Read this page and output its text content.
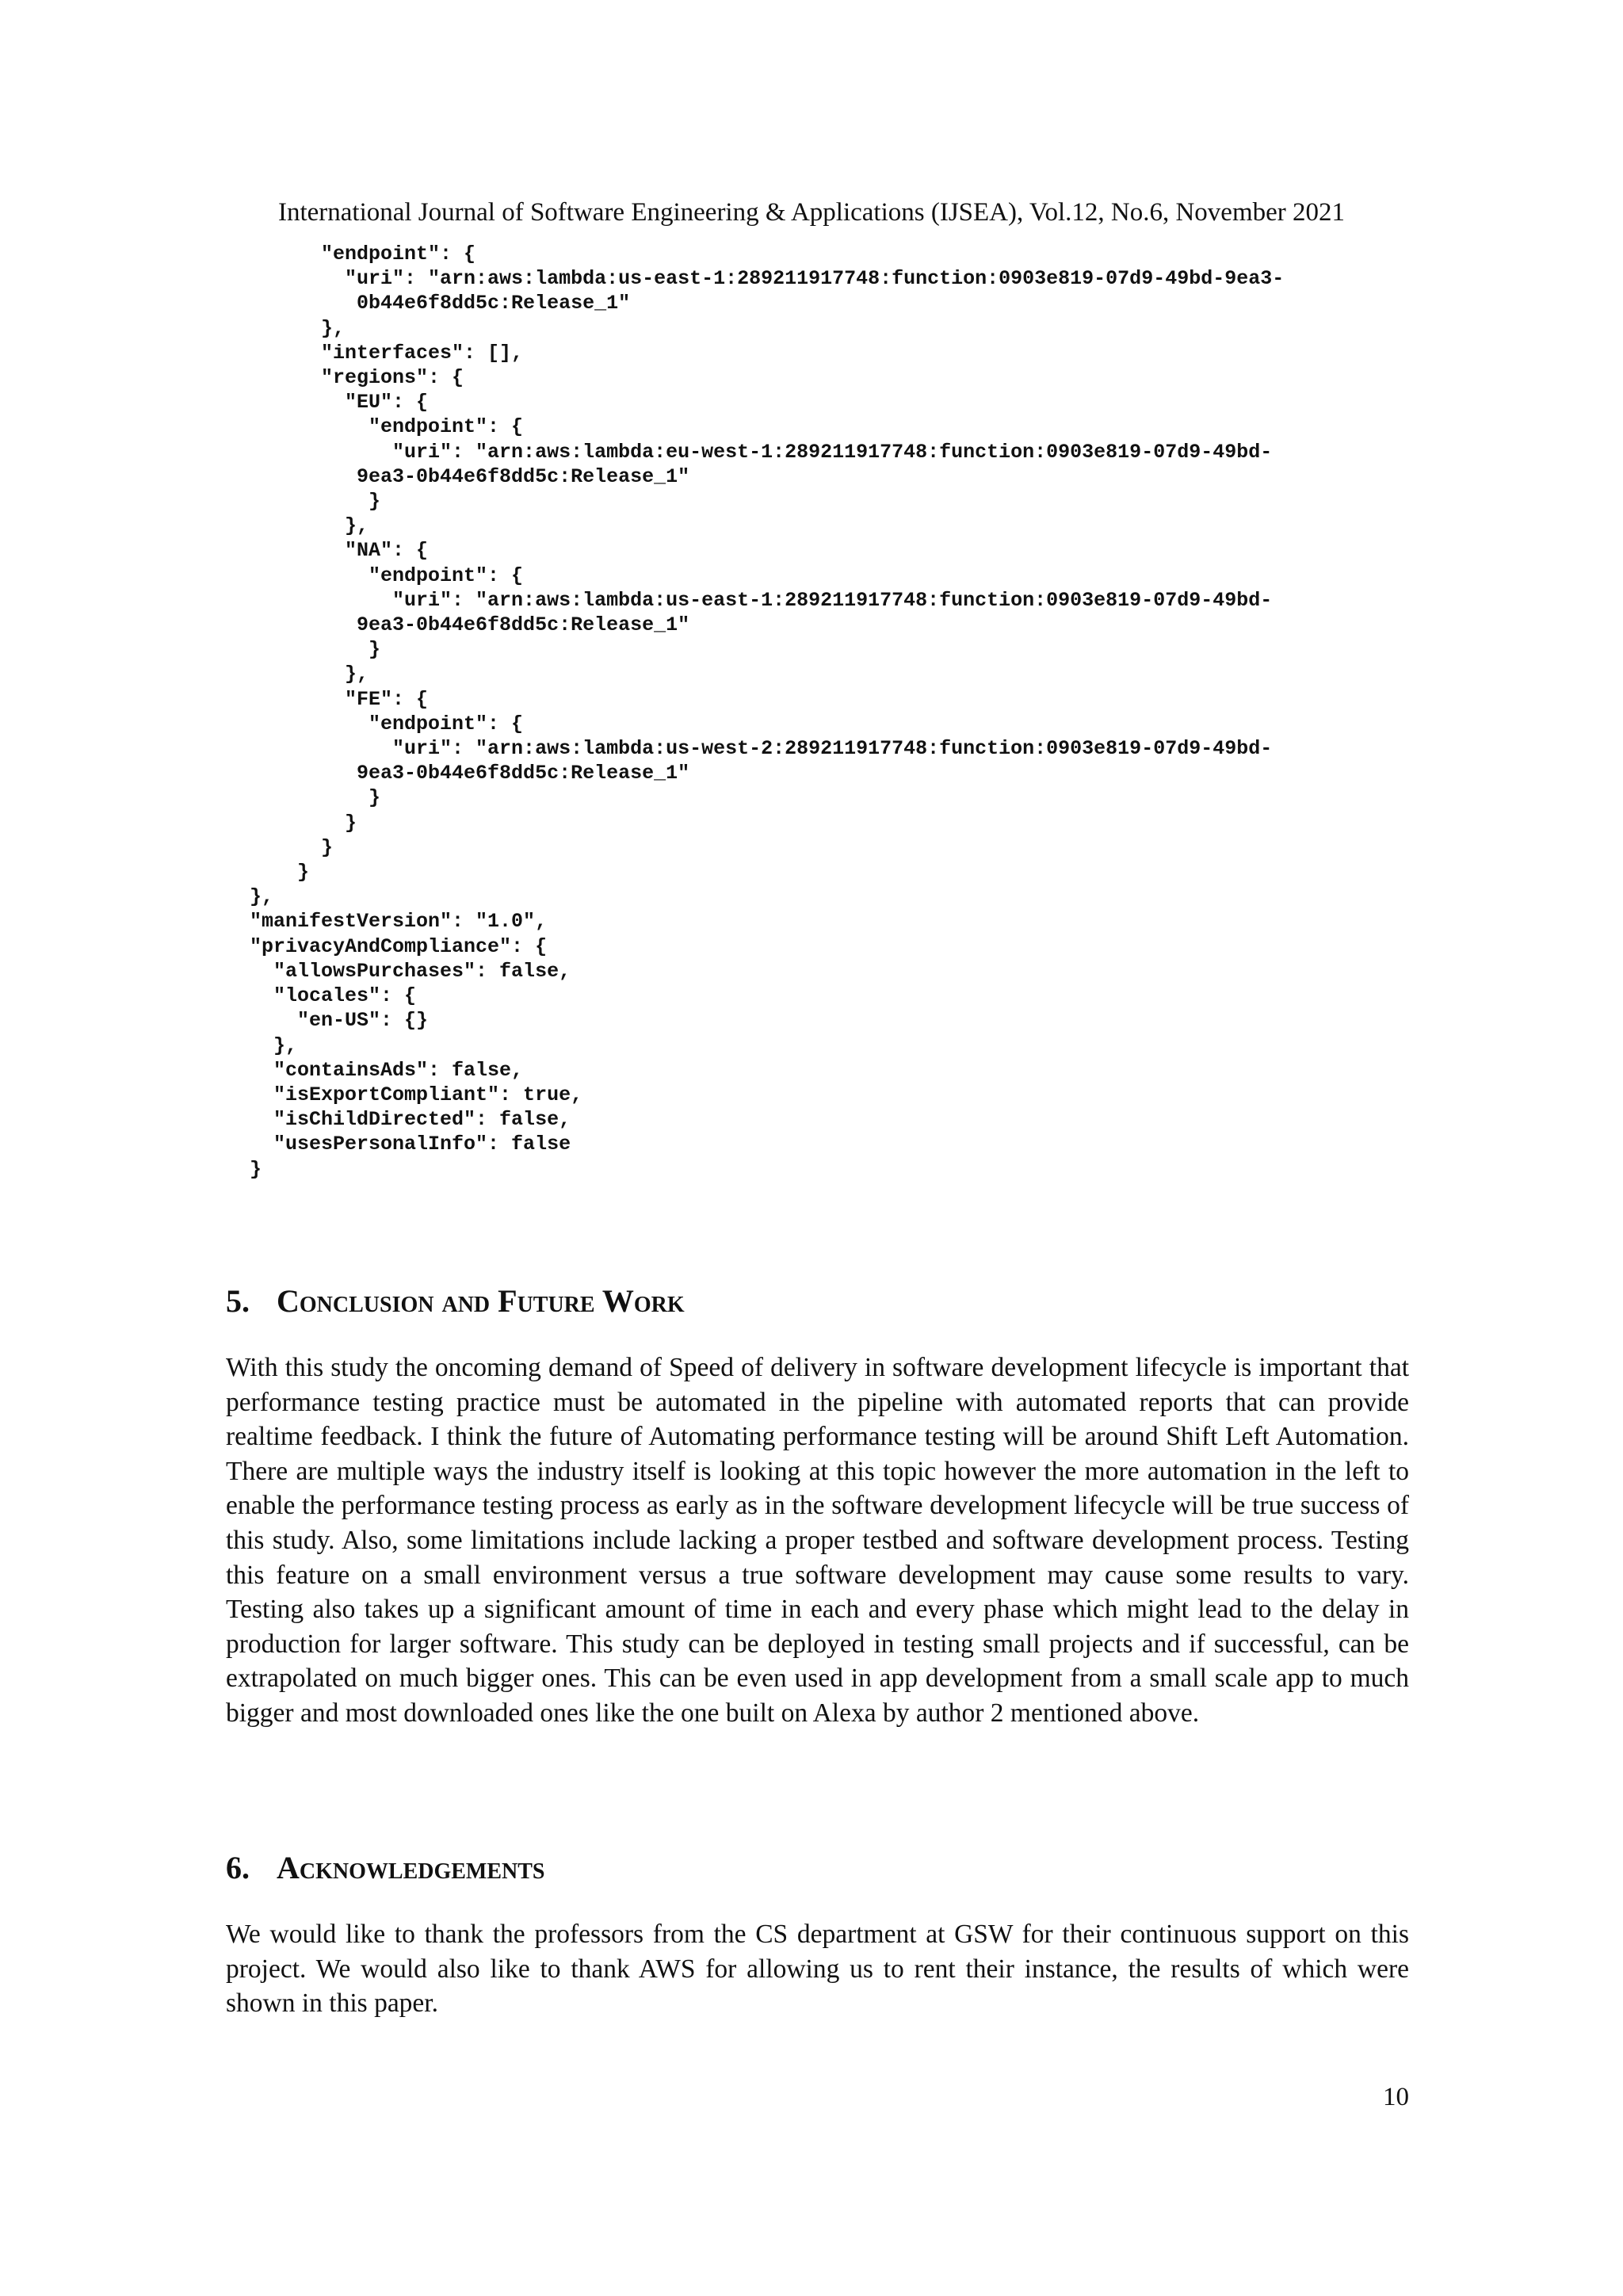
International Journal of Software Engineering & Applications (IJSEA), Vol.12, No.6, November 2021
"endpoint": {
"uri": "arn:aws:lambda:us-east-1:289211917748:function:0903e819-07d9-49bd-9ea3-
0b44e6f8dd5c:Release_1"
},
"interfaces": [],
"regions": {
"EU": {
"endpoint": {
"uri": "arn:aws:lambda:eu-west-1:289211917748:function:0903e819-07d9-49bd-
9ea3-0b44e6f8dd5c:Release_1"
}
},
"NA": {
"endpoint": {
"uri": "arn:aws:lambda:us-east-1:289211917748:function:0903e819-07d9-49bd-
9ea3-0b44e6f8dd5c:Release_1"
}
},
"FE": {
"endpoint": {
"uri": "arn:aws:lambda:us-west-2:289211917748:function:0903e819-07d9-49bd-
9ea3-0b44e6f8dd5c:Release_1"
}
}
}
}
},
"manifestVersion": "1.0",
"privacyAndCompliance": {
"allowsPurchases": false,
"locales": {
"en-US": {}
},
"containsAds": false,
"isExportCompliant": true,
"isChildDirected": false,
"usesPersonalInfo": false
}

5. Conclusion and Future Work

With this study the oncoming demand of Speed of delivery in software development lifecycle is important that performance testing practice must be automated in the pipeline with automated reports that can provide realtime feedback. I think the future of Automating performance testing will be around Shift Left Automation. There are multiple ways the industry itself is looking at this topic however the more automation in the left to enable the performance testing process as early as in the software development lifecycle will be true success of this study. Also, some limitations include lacking a proper testbed and software development process. Testing this feature on a small environment versus a true software development may cause some results to vary. Testing also takes up a significant amount of time in each and every phase which might lead to the delay in production for larger software. This study can be deployed in testing small projects and if successful, can be extrapolated on much bigger ones. This can be even used in app development from a small scale app to much bigger and most downloaded ones like the one built on Alexa by author 2 mentioned above.

6. Acknowledgements

We would like to thank the professors from the CS department at GSW for their continuous support on this project. We would also like to thank AWS for allowing us to rent their instance, the results of which were shown in this paper.

10
